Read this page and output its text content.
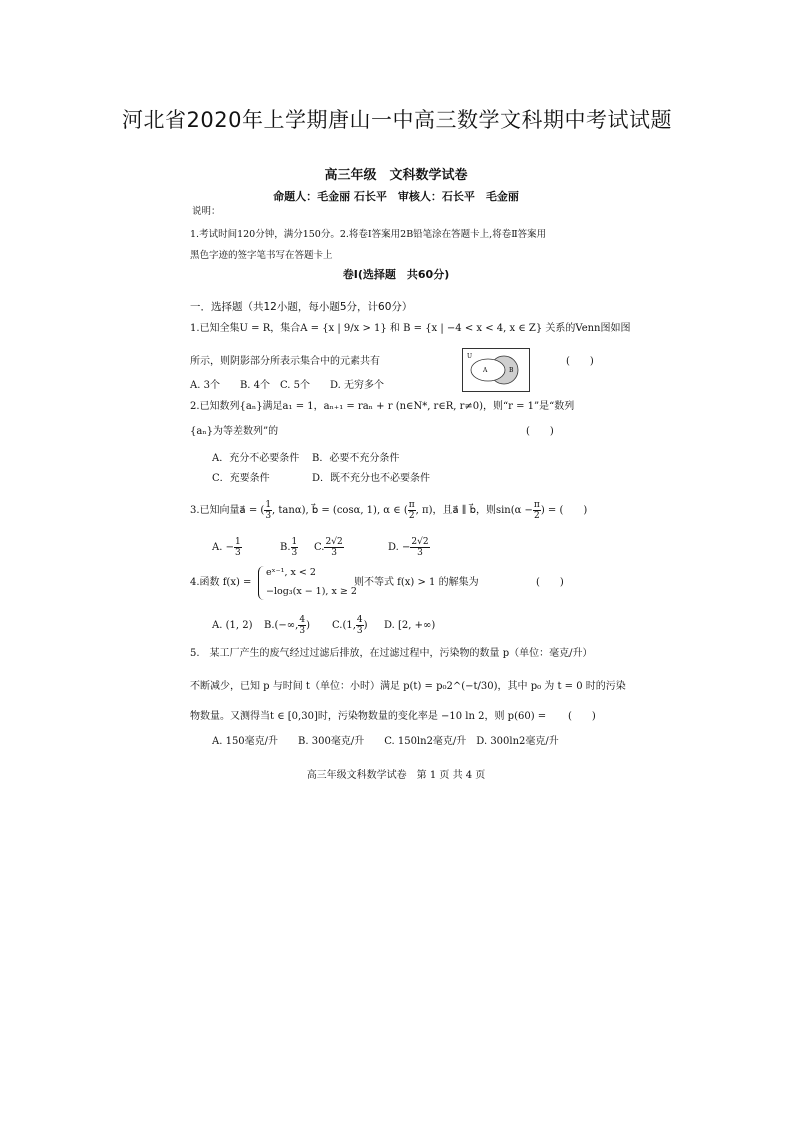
河北省2020年上学期唐山一中高三数学文科期中考试试题
高三年级　文科数学试卷
命题人：毛金丽 石长平　审核人：石长平　毛金丽
说明：
1.考试时间120分钟，满分150分。2.将卷Ⅰ答案用2B铅笔涂在答题卡上,将卷Ⅱ答案用
黑色字迹的签字笔书写在答题卡上
卷Ⅰ(选择题　共60分)
一．选择题（共12小题，每小题5分，计60分）
1.已知全集U = R，集合A = {x | 9/x > 1} 和 B = {x | −4 < x < 4, x ∈ Z} 关系的Venn图如图
所示，则阴影部分所表示集合中的元素共有	(　　)
A. 3个　　B. 4个　C. 5个　　D. 无穷多个
U
A	B
2.已知数列{aₙ}满足a₁ = 1，aₙ₊₁ = raₙ + r (n∈N*, r∈R, r≠0)，则“r = 1”是“数列
{aₙ}为等差数列”的	(　　)
A．充分不必要条件 B．必要不充分条件
C．充要条件	D．既不充分也不必要条件
3.已知向量a⃗ = ( $\frac{1}{3}$ , tanα), b⃗ = (cosα, 1), α ∈ ( $\frac{\pi}{2}$ , π)，且a⃗ ∥ b⃗，则$\sin(\alpha - \frac{\pi}{2}$ ) = (　　)
A. − $\frac{1}{3}$	B. $\frac{1}{3} C$. $\frac{2√2}{3}$	D. − $\frac{2√2}{3}$
4.函数 f(x) =
eˣ⁻¹, x < 2
−log₃(x − 1), x ≥ 2
则不等式 f(x) > 1 的解集为	(　　)
A. (1, 2) B.(−∞, $\frac{4}{3}$ ) C.(1, $\frac{4}{3}$ ) D. [2, +∞)
5.　某工厂产生的废气经过过滤后排放，在过滤过程中，污染物的数量 p（单位：毫克/升）
不断减少，已知 p 与时间 t（单位：小时）满足 p(t) = p₀2^(−t/30)，其中 p₀ 为 t = 0 时的污染
物数量。又测得当t ∈ [0,30]时，污染物数量的变化率是 −10 ln 2，则 p(60) = (　　)
A. 150毫克/升　　B. 300毫克/升　　C. 150ln2毫克/升　D. 300ln2毫克/升
高三年级文科数学试卷　第 1 页 共 4 页
